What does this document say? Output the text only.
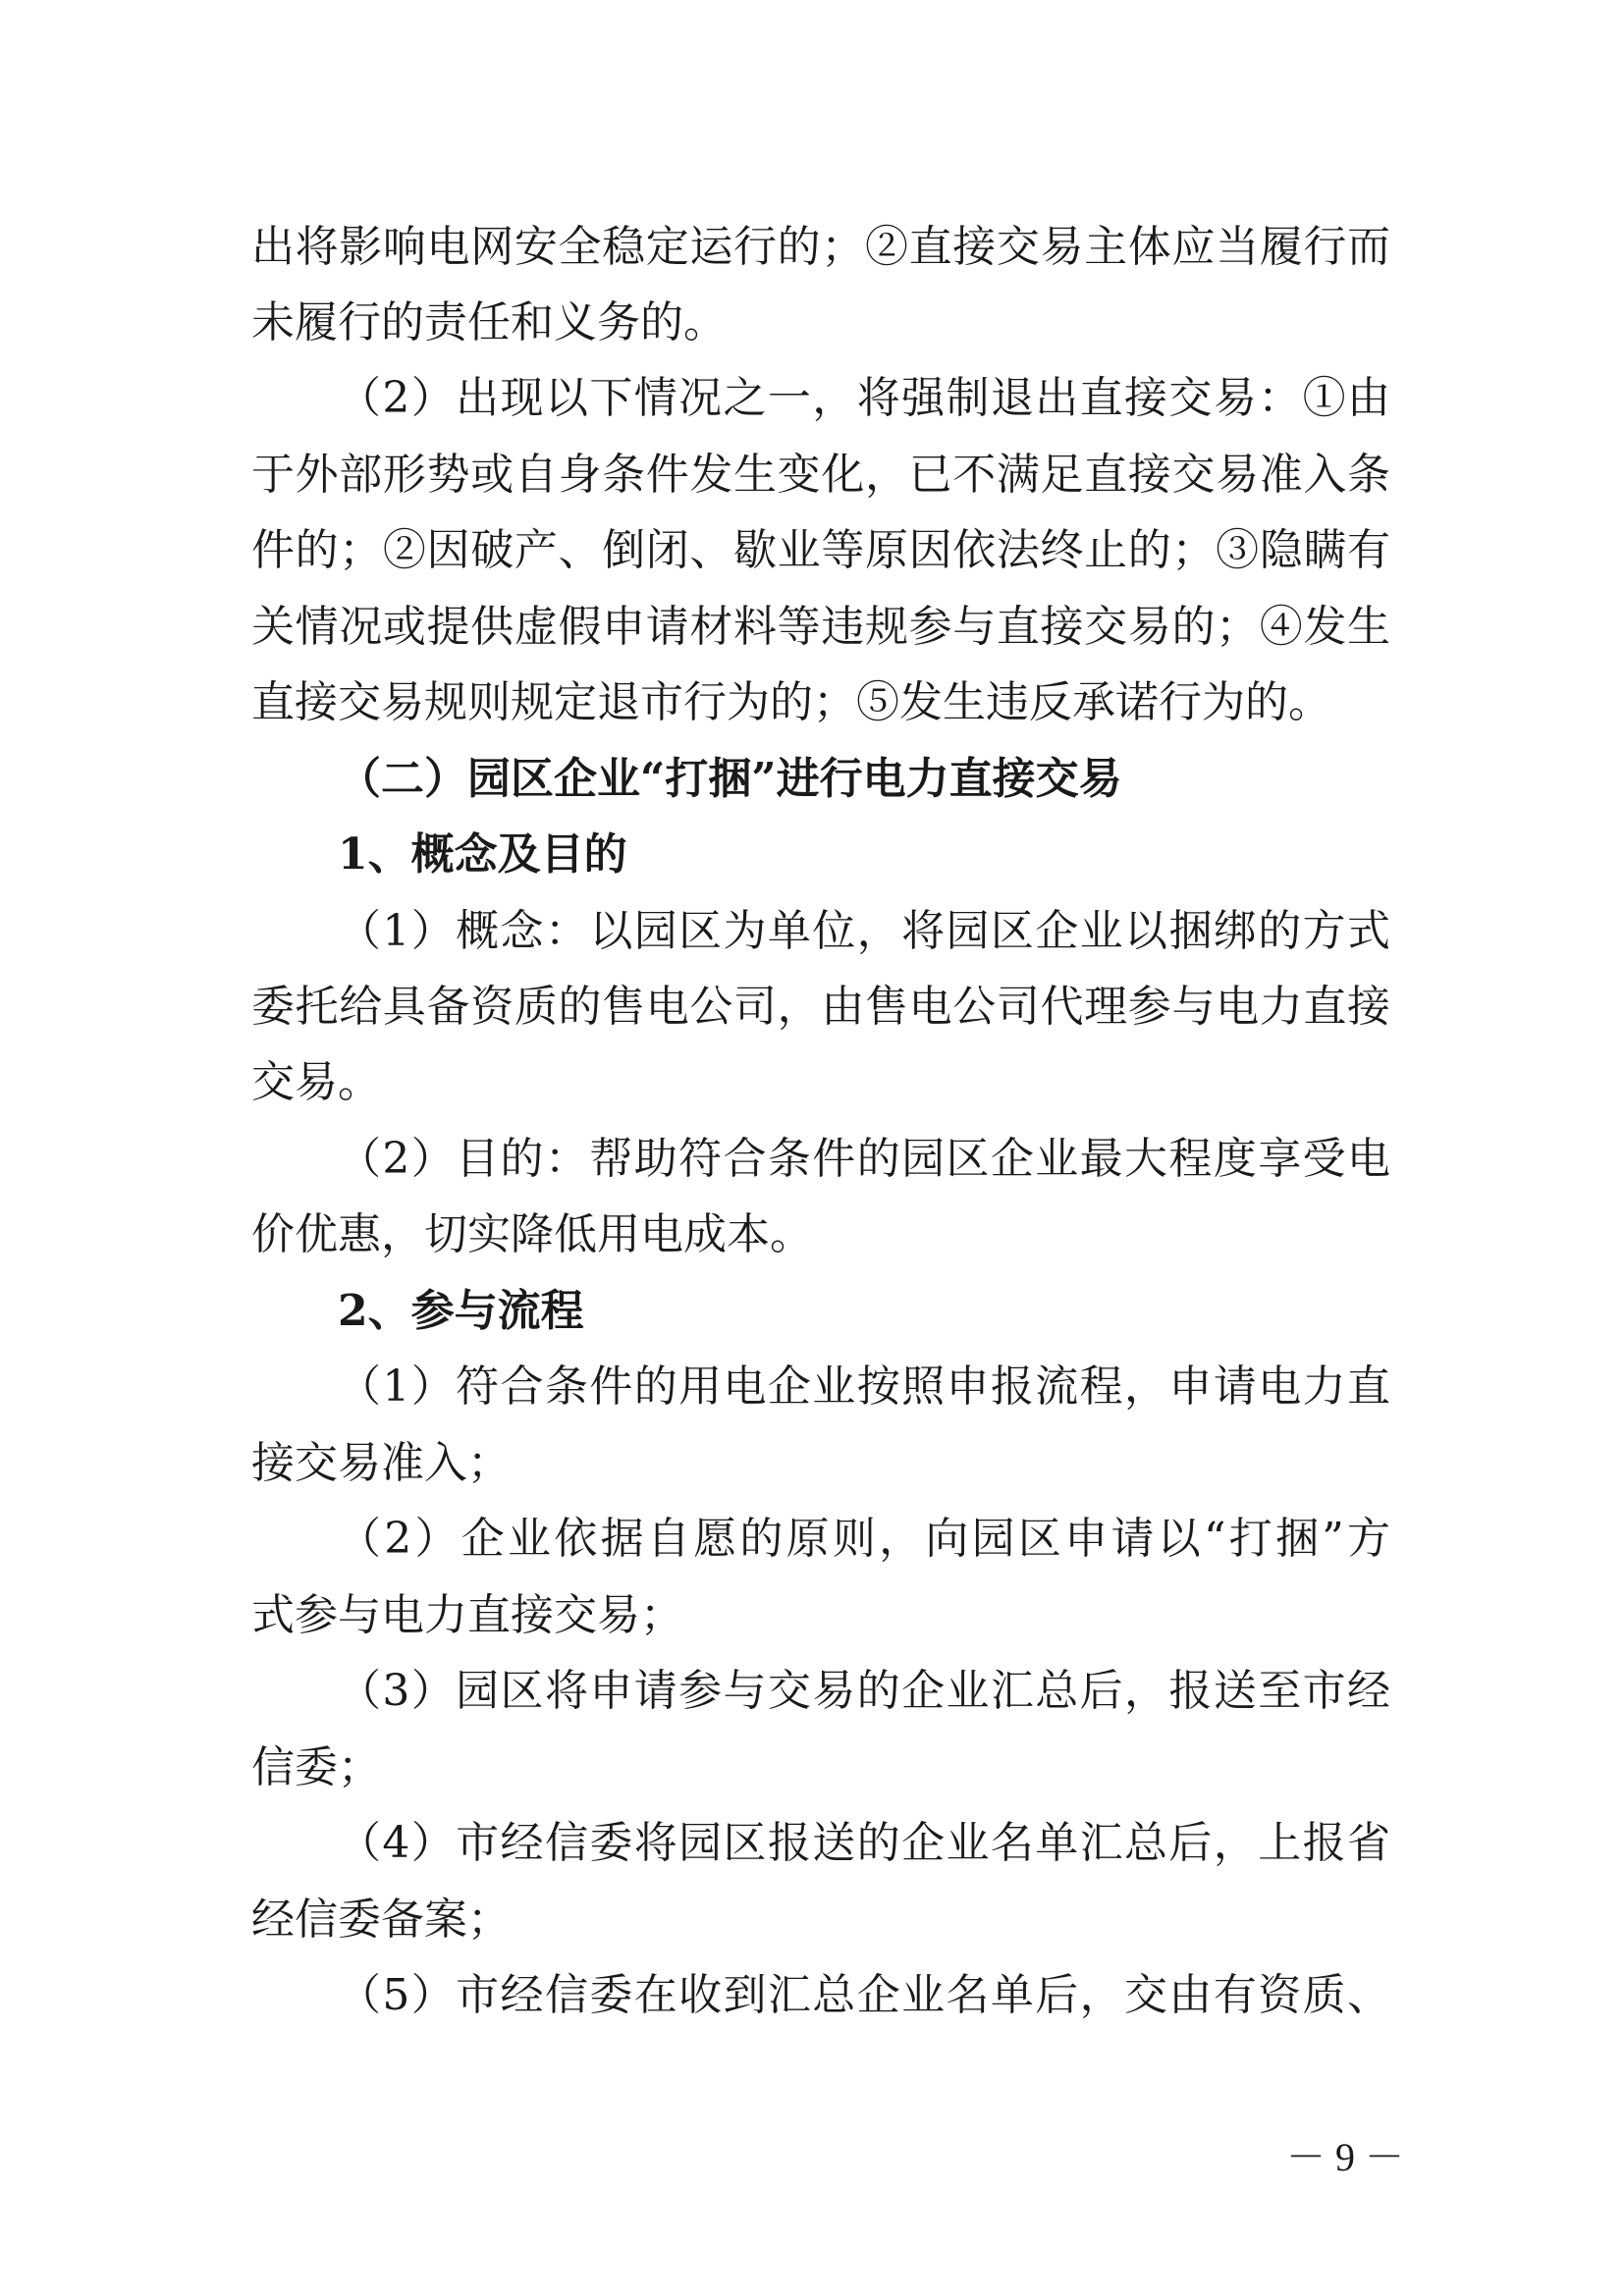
出将影响电网安全稳定运行的；②直接交易主体应当履行而
未履行的责任和义务的。
（2）出现以下情况之一，将强制退出直接交易：①由
于外部形势或自身条件发生变化，已不满足直接交易准入条
件的；②因破产、倒闭、歇业等原因依法终止的；③隐瞒有
关情况或提供虚假申请材料等违规参与直接交易的；④发生
直接交易规则规定退市行为的；⑤发生违反承诺行为的。
（二）园区企业“打捆”进行电力直接交易
1、概念及目的
（1）概念：以园区为单位，将园区企业以捆绑的方式
委托给具备资质的售电公司，由售电公司代理参与电力直接
交易。
（2）目的：帮助符合条件的园区企业最大程度享受电
价优惠，切实降低用电成本。
2、参与流程
（1）符合条件的用电企业按照申报流程，申请电力直
接交易准入；
（2）企业依据自愿的原则，向园区申请以“打捆”方
式参与电力直接交易；
（3）园区将申请参与交易的企业汇总后，报送至市经
信委；
（4）市经信委将园区报送的企业名单汇总后，上报省
经信委备案；
（5）市经信委在收到汇总企业名单后，交由有资质、
－ 9 －
